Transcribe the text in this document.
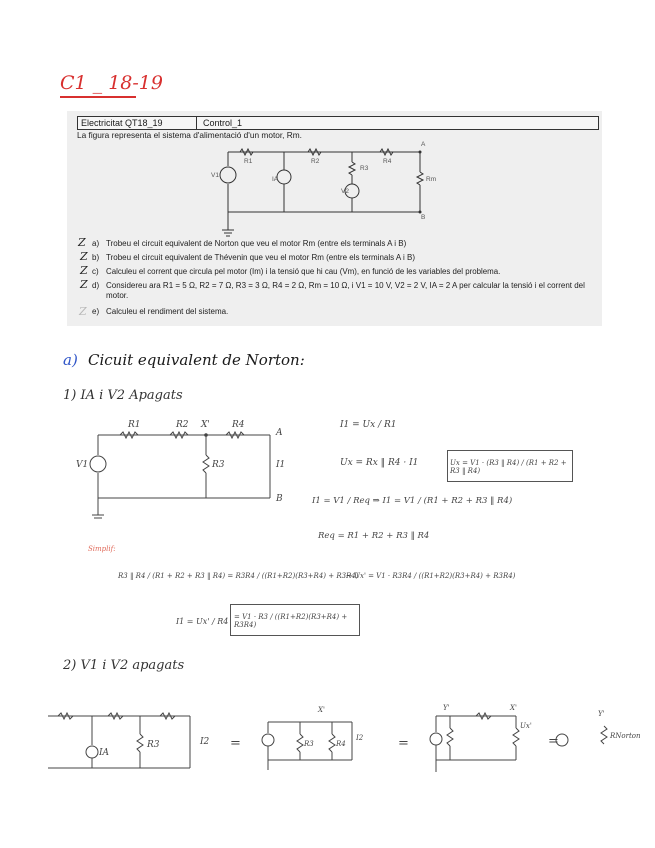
C1 _ 18-19
Electricitat QT18_19	Control_1
La figura representa el sistema d'alimentació d'un motor, Rm.
R1	R2
R3
R4
Rm
V1
V2
IA
A
B
Z a) Trobeu el circuit equivalent de Norton que veu el motor Rm (entre els terminals A i B)
Z b) Trobeu el circuit equivalent de Thévenin que veu el motor Rm (entre els terminals A i B)
Z c) Calculeu el corrent que circula pel motor (Im) i la tensió que hi cau (Vm), en funció de les variables del problema.
Z d) Considereu ara R1 = 5 Ω, R2 = 7 Ω, R3 = 3 Ω, R4 = 2 Ω, Rm = 10 Ω, i V1 = 10 V, V2 = 2 V, IA = 2 A per calcular la tensió i el corrent del motor.
Z e) Calculeu el rendiment del sistema.
a) Cicuit equivalent de Norton:
1) IA i V2 Apagats
R1	R2	R4
R3
X'
A
B
V1	I1
I1 = Ux / R1
Ux = Rx ‖ R4 · I1	Ux = V1 · (R3 ‖ R4) / (R1 + R2 + R3 ‖ R4)
I1 = V1 / Req ⇒ I1 = V1 / (R1 + R2 + R3 ‖ R4)
Req = R1 + R2 + R3 ‖ R4
Simplif:
R3 ‖ R4 / (R1 + R2 + R3 ‖ R4) = R3R4 / ((R1+R2)(R3+R4) + R3R4)
→ Ux' = V1 · R3R4 / ((R1+R2)(R3+R4) + R3R4)
I1 = Ux' / R4 = V1 · R3 / ((R1+R2)(R3+R4) + R3R4)
2) V1 i V2 apagats
IA
R3	I2 =	R3	R4
X'
I2	=
Y'	X'
Ux'
=
Y'
RNorton
